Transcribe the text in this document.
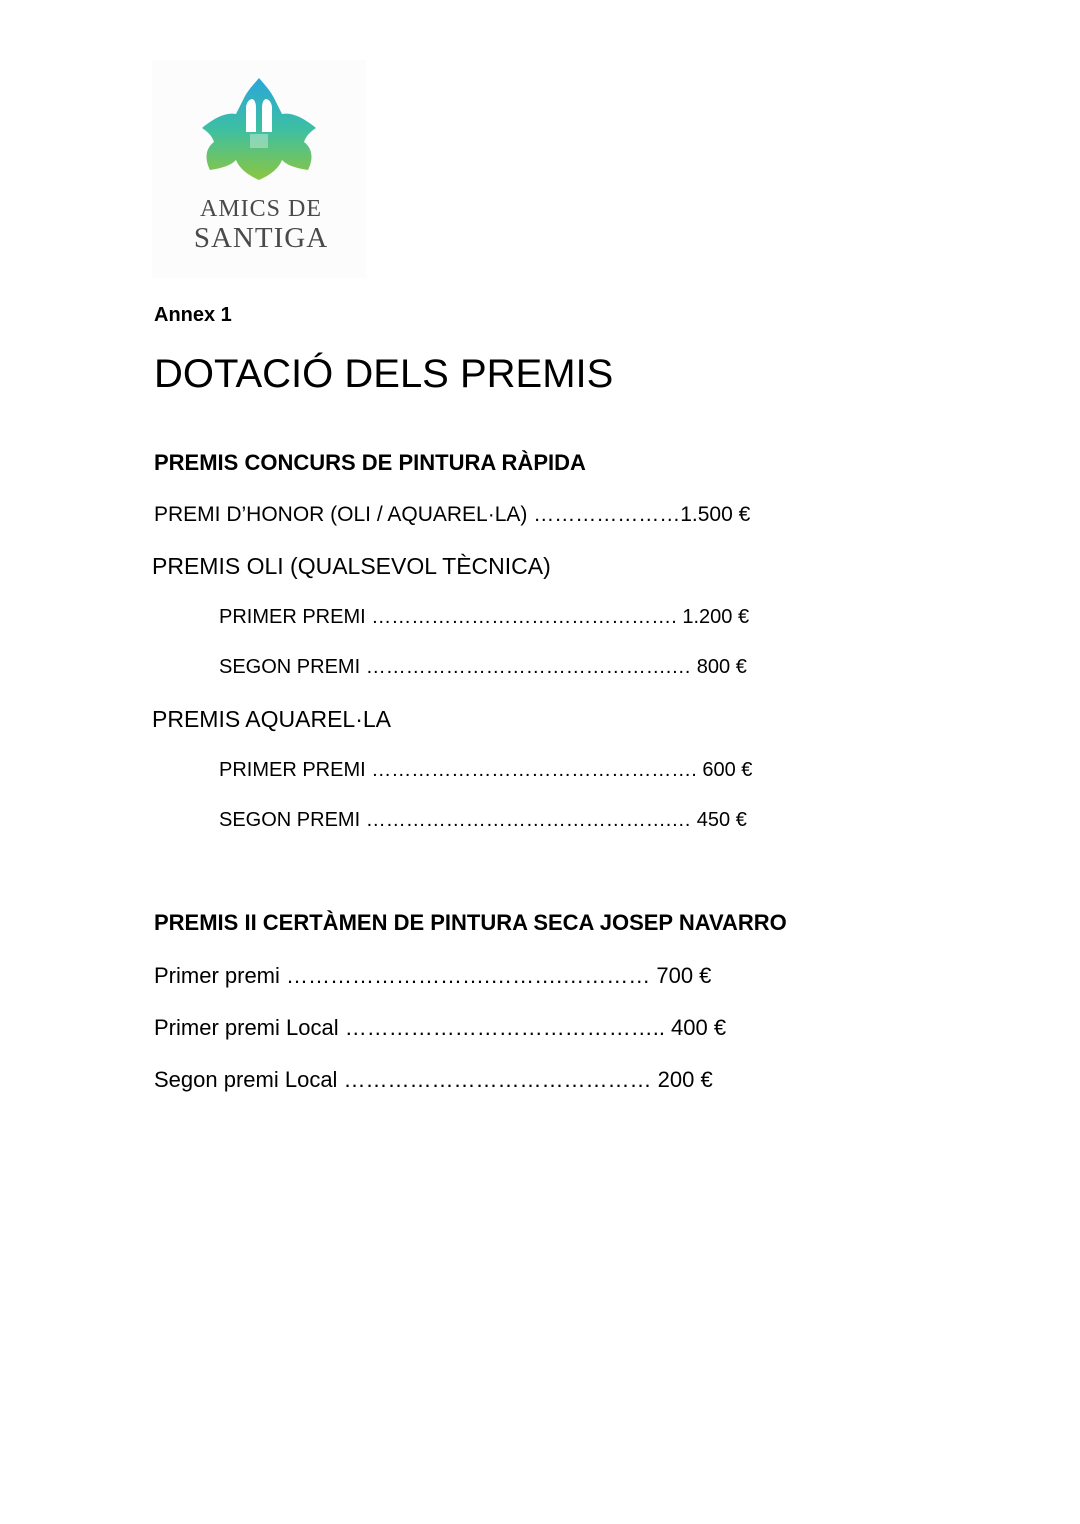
AMICS DE
SANTIGA
Annex 1
DOTACIÓ DELS PREMIS
PREMIS CONCURS DE PINTURA RÀPIDA
PREMI D’HONOR (OLI / AQUAREL·LA) …………………1.500 €
PREMIS OLI (QUALSEVOL TÈCNICA)
PRIMER PREMI ………………………………………. 1.200 €
SEGON PREMI ……………………………………….… 800 €
PREMIS AQUAREL·LA
PRIMER PREMI …………………………………………. 600 €
SEGON PREMI ……………………………………….… 450 €
PREMIS II CERTÀMEN DE PINTURA SECA JOSEP NAVARRO
Primer premi ……………………….……….………… 700 €
Primer premi Local …………………………………….. 400 €
Segon premi Local …………………………………… 200 €
